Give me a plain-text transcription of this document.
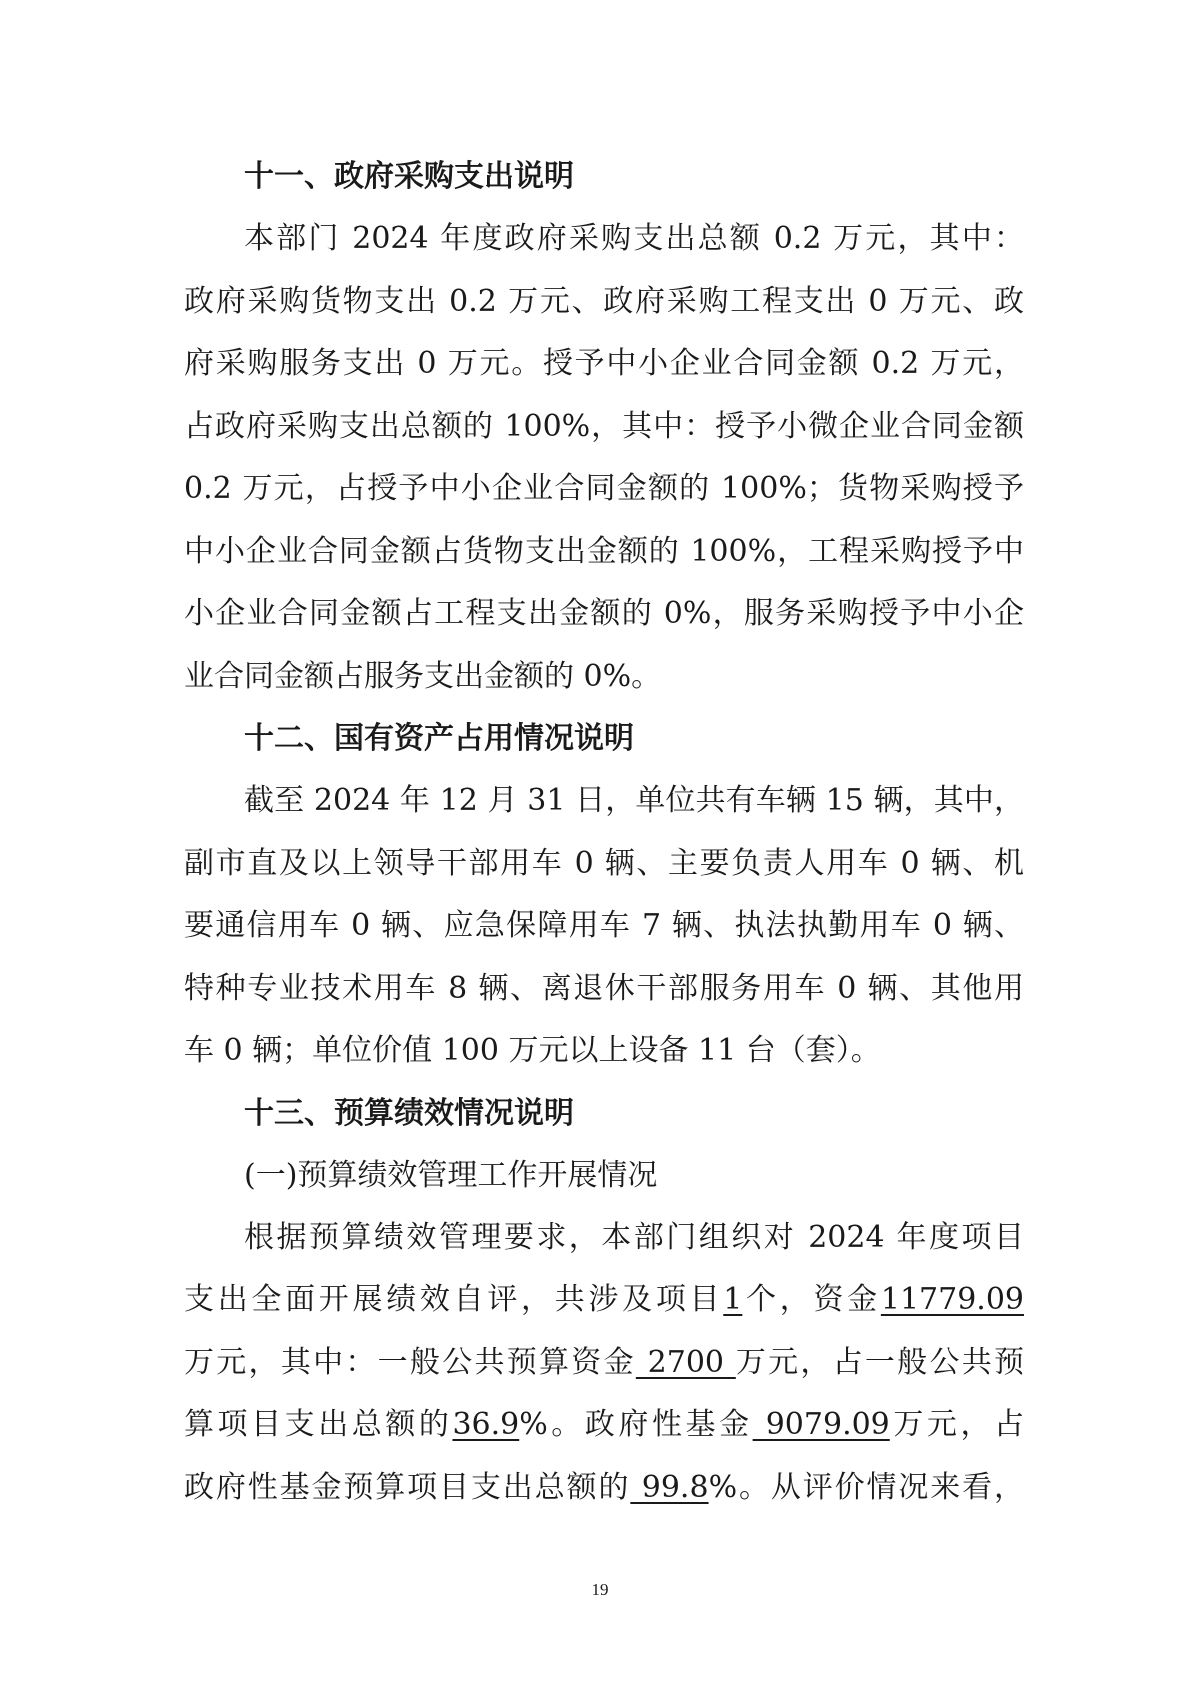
十一、政府采购支出说明
本部门 2024 年度政府采购支出总额 0.2 万元，其中：
政府采购货物支出 0.2 万元、政府采购工程支出 0 万元、政
府采购服务支出 0 万元。授予中小企业合同金额 0.2 万元，
占政府采购支出总额的 100%，其中：授予小微企业合同金额
0.2 万元，占授予中小企业合同金额的 100%；货物采购授予
中小企业合同金额占货物支出金额的 100%，工程采购授予中
小企业合同金额占工程支出金额的 0%，服务采购授予中小企
业合同金额占服务支出金额的 0%。
十二、国有资产占用情况说明
截至 2024 年 12 月 31 日，单位共有车辆 15 辆，其中，
副市直及以上领导干部用车 0 辆、主要负责人用车 0 辆、机
要通信用车 0 辆、应急保障用车 7 辆、执法执勤用车 0 辆、
特种专业技术用车 8 辆、离退休干部服务用车 0 辆、其他用
车 0 辆；单位价值 100 万元以上设备 11 台（套）。
十三、预算绩效情况说明
(一)预算绩效管理工作开展情况
根据预算绩效管理要求，本部门组织对 2024 年度项目
支出全面开展绩效自评，共涉及项目1个，资金11779.09
万元，其中：一般公共预算资金 2700 万元，占一般公共预
算项目支出总额的36.9%。政府性基金 9079.09万元，占
政府性基金预算项目支出总额的 99.8%。从评价情况来看，
19
